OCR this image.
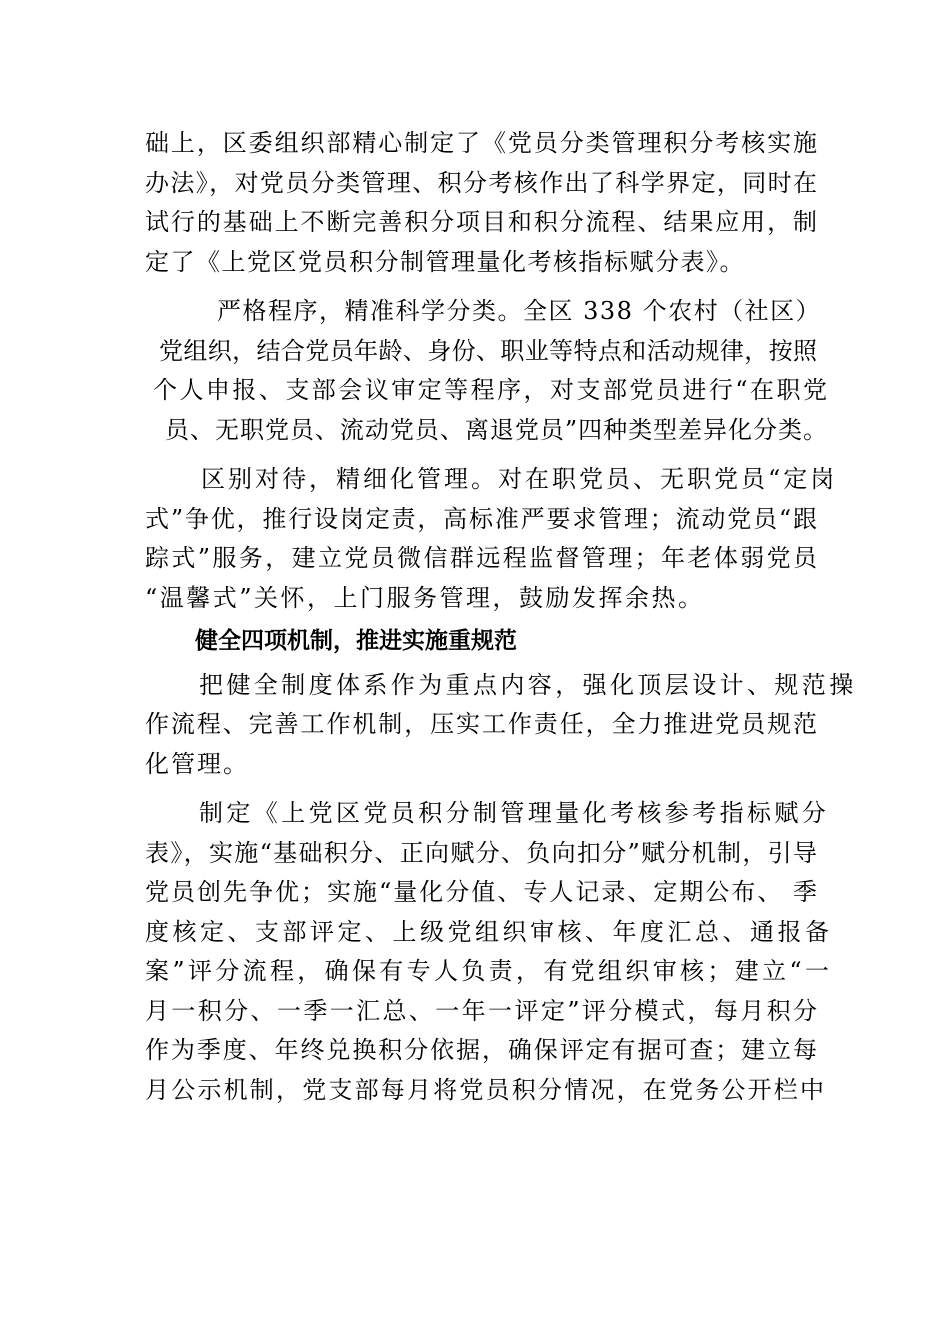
础上，区委组织部精心制定了《党员分类管理积分考核实施
办法》，对党员分类管理、积分考核作出了科学界定，同时在
试行的基础上不断完善积分项目和积分流程、结果应用，制
定了《上党区党员积分制管理量化考核指标赋分表》。
严格程序，精准科学分类。全区 338 个农村（社区）
党组织，结合党员年龄、身份、职业等特点和活动规律，按照
个人申报、支部会议审定等程序，对支部党员进行“在职党
员、无职党员、流动党员、离退党员”四种类型差异化分类。
区别对待，精细化管理。对在职党员、无职党员“定岗
式”争优，推行设岗定责，高标准严要求管理；流动党员“跟
踪式”服务，建立党员微信群远程监督管理；年老体弱党员
“温馨式”关怀，上门服务管理，鼓励发挥余热。
健全四项机制，推进实施重规范
把健全制度体系作为重点内容，强化顶层设计、规范操
作流程、完善工作机制，压实工作责任，全力推进党员规范
化管理。
制定《上党区党员积分制管理量化考核参考指标赋分
表》，实施“基础积分、正向赋分、负向扣分”赋分机制，引导
党员创先争优；实施“量化分值、专人记录、定期公布、 季
度核定、支部评定、上级党组织审核、年度汇总、通报备
案”评分流程，确保有专人负责，有党组织审核；建立“一
月一积分、一季一汇总、一年一评定”评分模式，每月积分
作为季度、年终兑换积分依据，确保评定有据可查；建立每
月公示机制，党支部每月将党员积分情况，在党务公开栏中
